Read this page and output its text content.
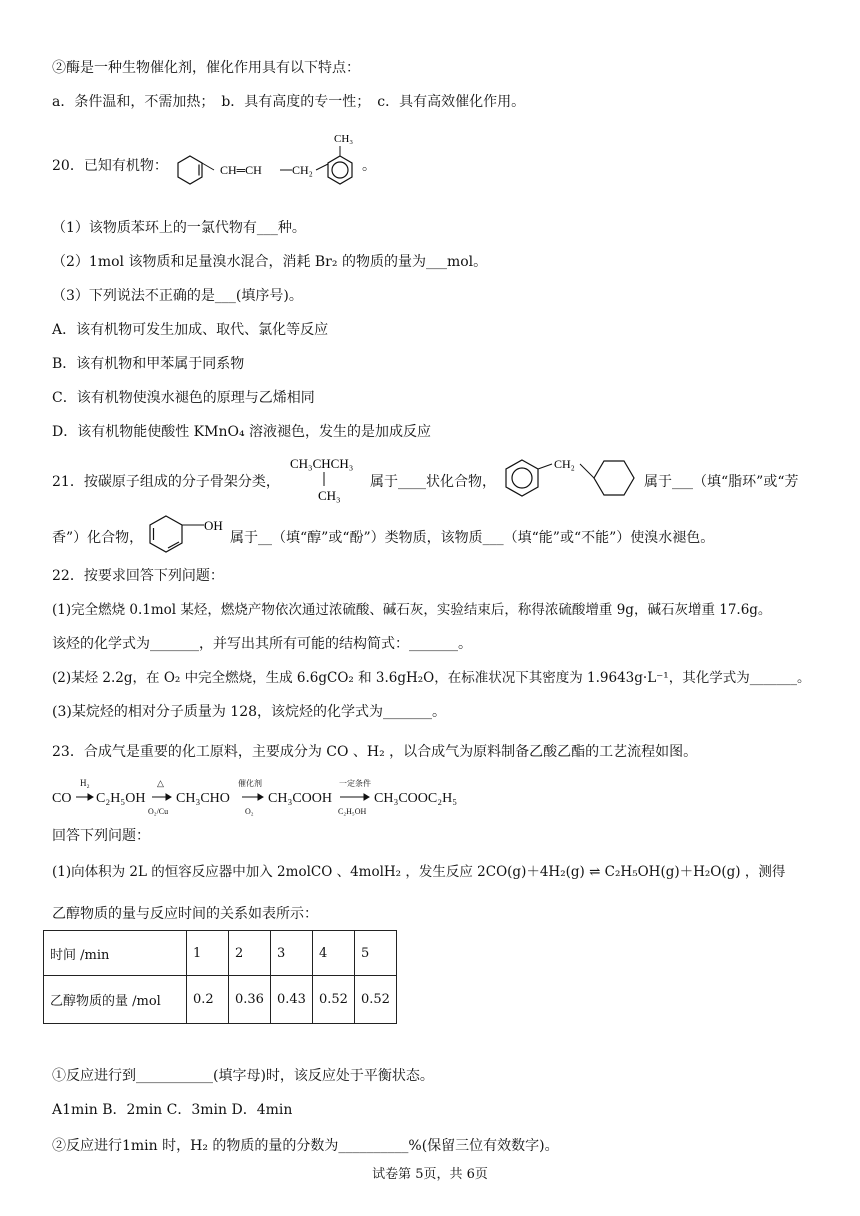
②酶是一种生物催化剂，催化作用具有以下特点：
a．条件温和，不需加热；　b．具有高度的专一性；　c．具有高效催化作用。
20．已知有机物：	CH═CH	CH₂
CH₃
。
（1）该物质苯环上的一氯代物有___种。
（2）1mol 该物质和足量溴水混合，消耗 Br₂ 的物质的量为___mol。
（3）下列说法不正确的是___(填序号)。
A．该有机物可发生加成、取代、氯化等反应
B．该有机物和甲苯属于同系物
C．该有机物使溴水褪色的原理与乙烯相同
D．该有机物能使酸性 KMnO₄ 溶液褪色，发生的是加成反应
21．按碳原子组成的分子骨架分类，
CH₃CHCH₃
CH₃
属于____状化合物，
CH₂
属于___（填“脂环”或“芳
香”）化合物，
OH
属于__（填“醇”或“酚”）类物质，该物质___（填“能”或“不能”）使溴水褪色。
22．按要求回答下列问题：
(1)完全燃烧 0.1mol 某烃，燃烧产物依次通过浓硫酸、碱石灰，实验结束后，称得浓硫酸增重 9g，碱石灰增重 17.6g。
该烃的化学式为_______，并写出其所有可能的结构简式：_______。
(2)某烃 2.2g，在 O₂ 中完全燃烧，生成 6.6gCO₂ 和 3.6gH₂O，在标准状况下其密度为 1.9643g·L⁻¹，其化学式为_______。
(3)某烷烃的相对分子质量为 128，该烷烃的化学式为_______。
23．合成气是重要的化工原料，主要成分为 CO 、H₂ ，以合成气为原料制备乙酸乙酯的工艺流程如图。
CO
H₂
C₂H₅OH
△
O₂/Cu
CH₃CHO
催化剂
O₂
CH₃COOH
一定条件
C₂H₅OH
CH₃COOC₂H₅
回答下列问题：
(1)向体积为 2L 的恒容反应器中加入 2molCO 、4molH₂ ，发生反应 2CO(g)＋4H₂(g) ⇌ C₂H₅OH(g)＋H₂O(g) ，测得
乙醇物质的量与反应时间的关系如表所示：
时间 /min	1	2	3	4	5
乙醇物质的量 /mol	0.2	0.36	0.43	0.52	0.52
①反应进行到___________(填字母)时，该反应处于平衡状态。
A1min B．2min C．3min D．4min
②反应进行1min 时，H₂ 的物质的量的分数为__________%(保留三位有效数字)。
试卷第 5页，共 6页
